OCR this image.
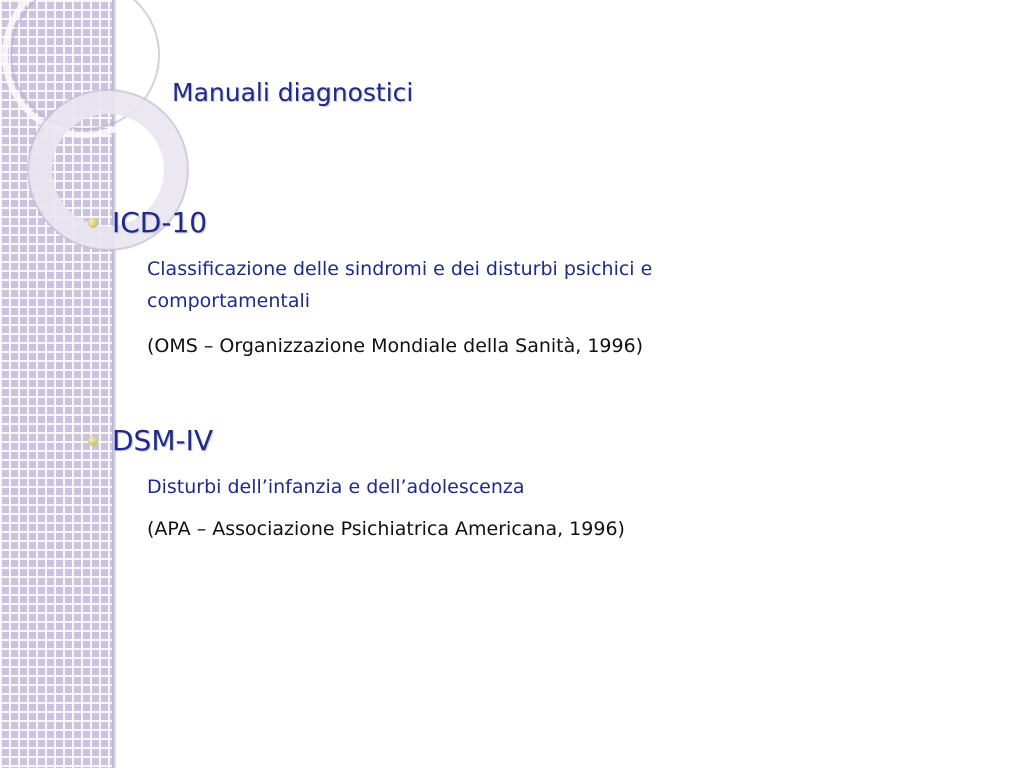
Manuali diagnostici
ICD-10
Classificazione delle sindromi e dei disturbi psichici e
comportamentali
(OMS – Organizzazione Mondiale della Sanità, 1996)
DSM-IV
Disturbi dell’infanzia e dell’adolescenza
(APA – Associazione Psichiatrica Americana, 1996)
